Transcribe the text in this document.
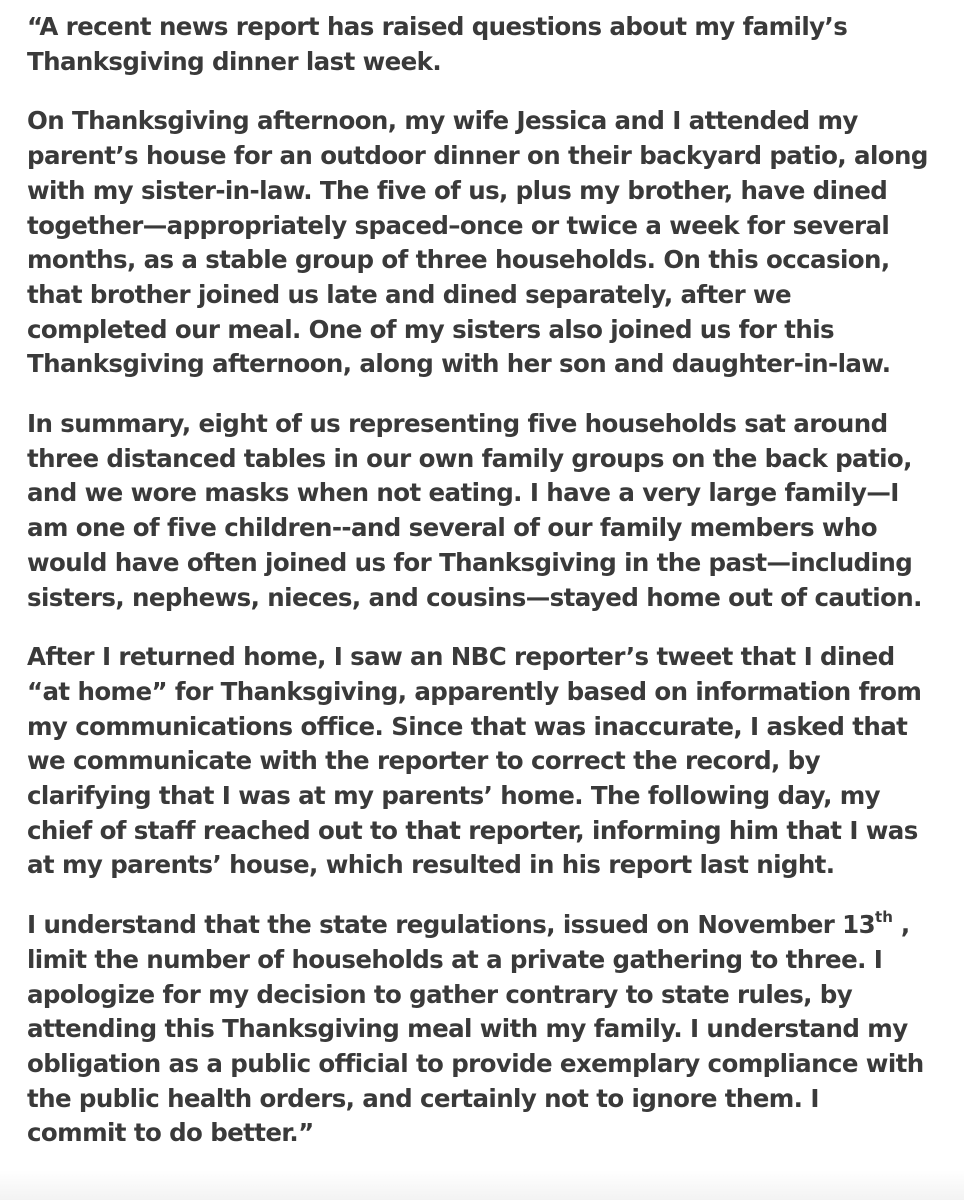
“A recent news report has raised questions about my family’s
Thanksgiving dinner last week.

On Thanksgiving afternoon, my wife Jessica and I attended my
parent’s house for an outdoor dinner on their backyard patio, along
with my sister-in-law. The five of us, plus my brother, have dined
together—appropriately spaced–once or twice a week for several
months, as a stable group of three households. On this occasion,
that brother joined us late and dined separately, after we
completed our meal. One of my sisters also joined us for this
Thanksgiving afternoon, along with her son and daughter-in-law.

In summary, eight of us representing five households sat around
three distanced tables in our own family groups on the back patio,
and we wore masks when not eating. I have a very large family—I
am one of five children--and several of our family members who
would have often joined us for Thanksgiving in the past—including
sisters, nephews, nieces, and cousins—stayed home out of caution.

After I returned home, I saw an NBC reporter’s tweet that I dined
“at home” for Thanksgiving, apparently based on information from
my communications office. Since that was inaccurate, I asked that
we communicate with the reporter to correct the record, by
clarifying that I was at my parents’ home. The following day, my
chief of staff reached out to that reporter, informing him that I was
at my parents’ house, which resulted in his report last night.

I understand that the state regulations, issued on November 13th ,
limit the number of households at a private gathering to three. I
apologize for my decision to gather contrary to state rules, by
attending this Thanksgiving meal with my family. I understand my
obligation as a public official to provide exemplary compliance with
the public health orders, and certainly not to ignore them. I
commit to do better.”
